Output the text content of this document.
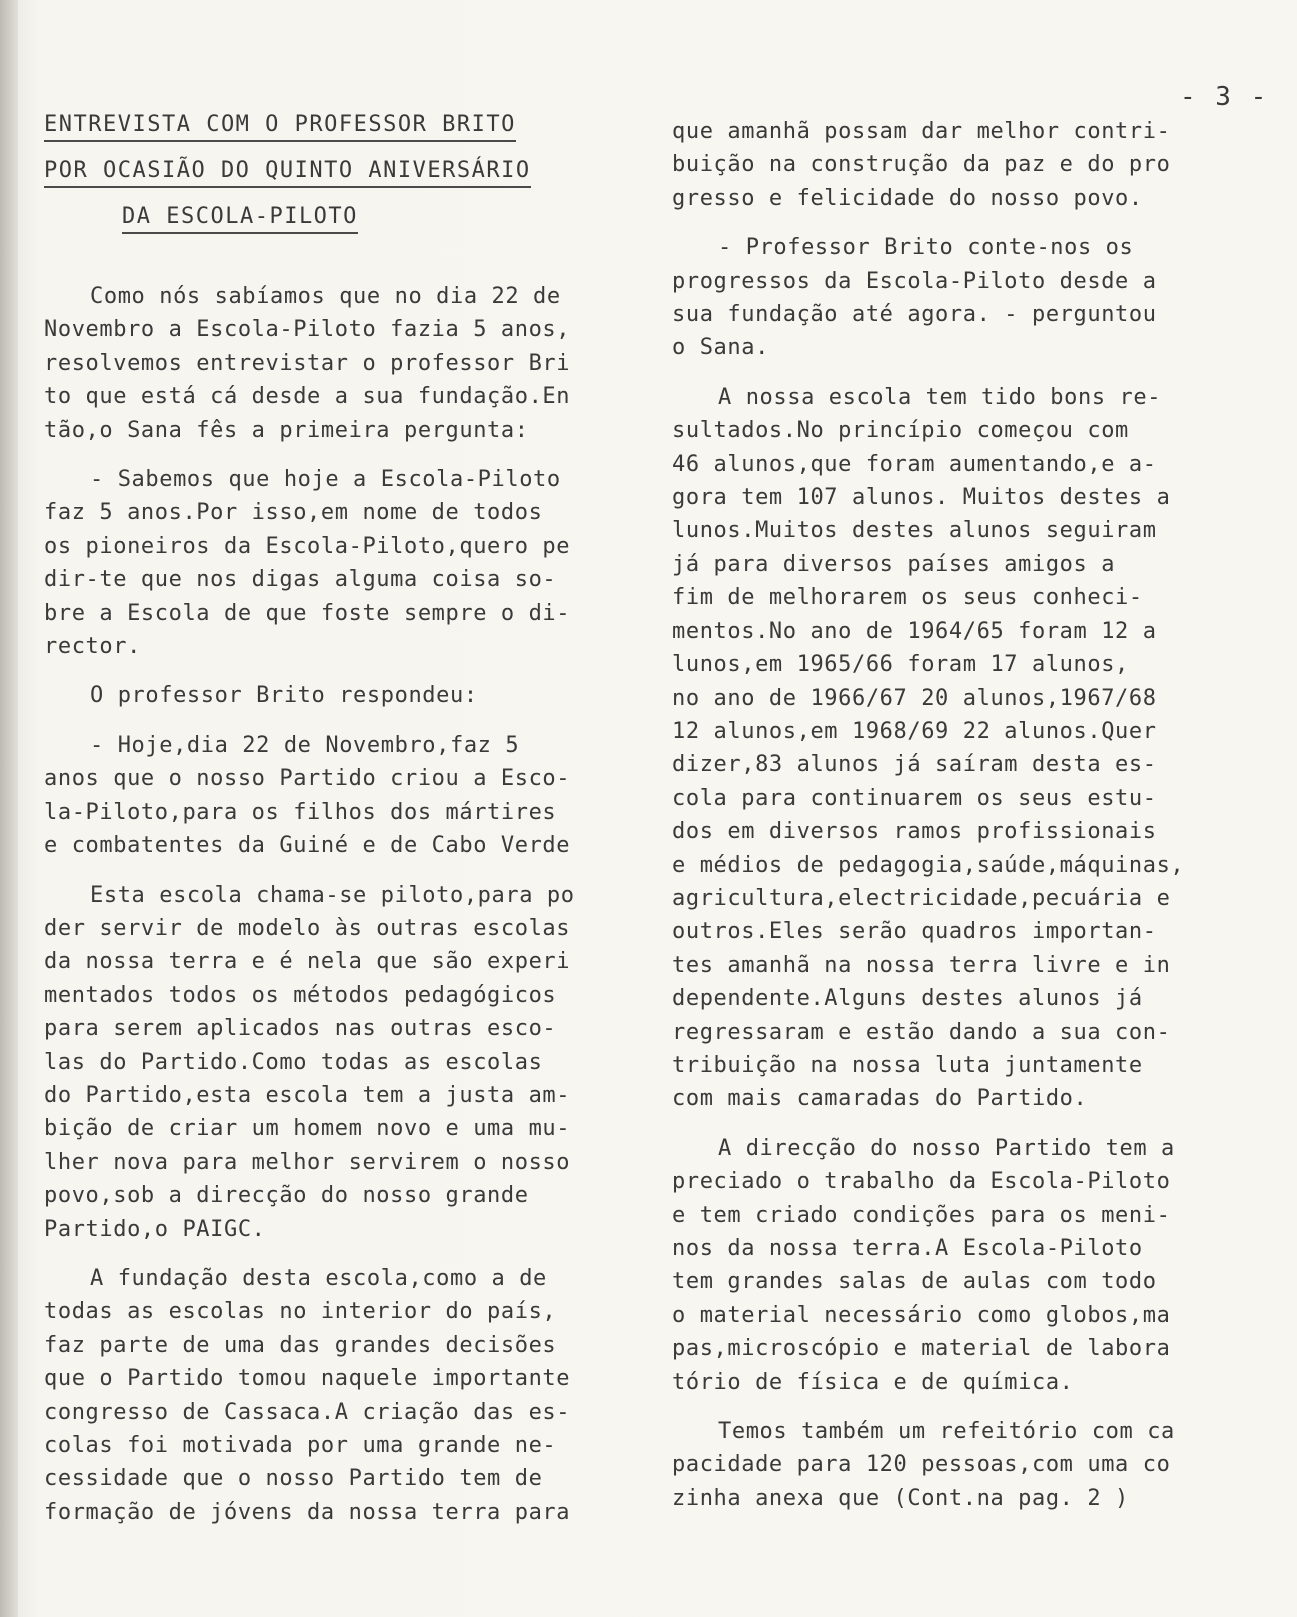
- 3 -
ENTREVISTA COM O PROFESSOR BRITO
POR OCASIÃO DO QUINTO ANIVERSÁRIO
DA ESCOLA-PILOTO

Como nós sabíamos que no dia 22 de
Novembro a Escola-Piloto fazia 5 anos,
resolvemos entrevistar o professor Bri
to que está cá desde a sua fundação.En
tão,o Sana fês a primeira pergunta:

- Sabemos que hoje a Escola-Piloto
faz 5 anos.Por isso,em nome de todos
os pioneiros da Escola-Piloto,quero pe
dir-te que nos digas alguma coisa so-
bre a Escola de que foste sempre o di-
rector.

O professor Brito respondeu:

- Hoje,dia 22 de Novembro,faz 5
anos que o nosso Partido criou a Esco-
la-Piloto,para os filhos dos mártires
e combatentes da Guiné e de Cabo Verde

Esta escola chama-se piloto,para po
der servir de modelo às outras escolas
da nossa terra e é nela que são experi
mentados todos os métodos pedagógicos
para serem aplicados nas outras esco-
las do Partido.Como todas as escolas
do Partido,esta escola tem a justa am-
bição de criar um homem novo e uma mu-
lher nova para melhor servirem o nosso
povo,sob a direcção do nosso grande
Partido,o PAIGC.

A fundação desta escola,como a de
todas as escolas no interior do país,
faz parte de uma das grandes decisões
que o Partido tomou naquele importante
congresso de Cassaca.A criação das es-
colas foi motivada por uma grande ne-
cessidade que o nosso Partido tem de
formação de jóvens da nossa terra para

que amanhã possam dar melhor contri-
buição na construção da paz e do pro
gresso e felicidade do nosso povo.

- Professor Brito conte-nos os
progressos da Escola-Piloto desde a
sua fundação até agora. - perguntou
o Sana.

A nossa escola tem tido bons re-
sultados.No princípio começou com
46 alunos,que foram aumentando,e a-
gora tem 107 alunos. Muitos destes a
lunos.Muitos destes alunos seguiram
já para diversos países amigos a
fim de melhorarem os seus conheci-
mentos.No ano de 1964/65 foram 12 a
lunos,em 1965/66 foram 17 alunos,
no ano de 1966/67 20 alunos,1967/68
12 alunos,em 1968/69 22 alunos.Quer
dizer,83 alunos já saíram desta es-
cola para continuarem os seus estu-
dos em diversos ramos profissionais
e médios de pedagogia,saúde,máquinas,
agricultura,electricidade,pecuária e
outros.Eles serão quadros importan-
tes amanhã na nossa terra livre e in
dependente.Alguns destes alunos já
regressaram e estão dando a sua con-
tribuição na nossa luta juntamente
com mais camaradas do Partido.

A direcção do nosso Partido tem a
preciado o trabalho da Escola-Piloto
e tem criado condições para os meni-
nos da nossa terra.A Escola-Piloto
tem grandes salas de aulas com todo
o material necessário como globos,ma
pas,microscópio e material de labora
tório de física e de química.

Temos também um refeitório com ca
pacidade para 120 pessoas,com uma co
zinha anexa que (Cont.na pag. 2 )
